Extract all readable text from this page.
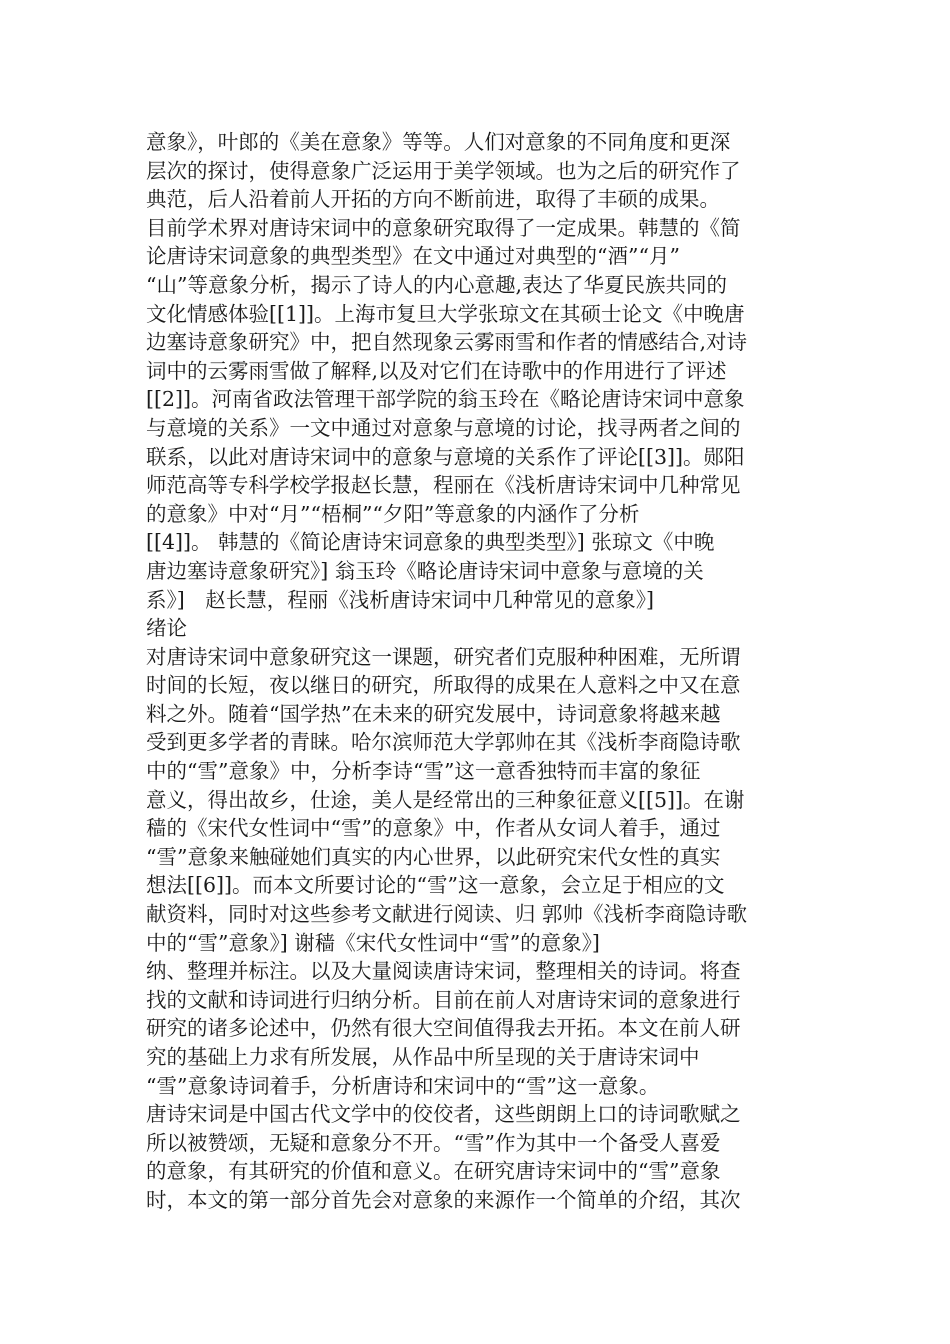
意象》，叶郎的《美在意象》等等。人们对意象的不同角度和更深
层次的探讨，使得意象广泛运用于美学领域。也为之后的研究作了
典范，后人沿着前人开拓的方向不断前进，取得了丰硕的成果。
目前学术界对唐诗宋词中的意象研究取得了一定成果。韩慧的《简
论唐诗宋词意象的典型类型》在文中通过对典型的“酒”“月”
“山”等意象分析，揭示了诗人的内心意趣,表达了华夏民族共同的
文化情感体验[[1]]。上海市复旦大学张琼文在其硕士论文《中晚唐
边塞诗意象研究》中，把自然现象云雾雨雪和作者的情感结合,对诗
词中的云雾雨雪做了解释,以及对它们在诗歌中的作用进行了评述
[[2]]。河南省政法管理干部学院的翁玉玲在《略论唐诗宋词中意象
与意境的关系》一文中通过对意象与意境的讨论，找寻两者之间的
联系，以此对唐诗宋词中的意象与意境的关系作了评论[[3]]。郧阳
师范高等专科学校学报赵长慧，程丽在《浅析唐诗宋词中几种常见
的意象》中对“月”“梧桐”“夕阳”等意象的内涵作了分析
[[4]]。 韩慧的《简论唐诗宋词意象的典型类型》] 张琼文《中晚
唐边塞诗意象研究》] 翁玉玲《略论唐诗宋词中意象与意境的关
系》]　赵长慧，程丽《浅析唐诗宋词中几种常见的意象》]
绪论
对唐诗宋词中意象研究这一课题，研究者们克服种种困难，无所谓
时间的长短，夜以继日的研究，所取得的成果在人意料之中又在意
料之外。随着“国学热”在未来的研究发展中，诗词意象将越来越
受到更多学者的青睐。哈尔滨师范大学郭帅在其《浅析李商隐诗歌
中的“雪”意象》中，分析李诗“雪”这一意香独特而丰富的象征
意义，得出故乡，仕途，美人是经常出的三种象征意义[[5]]。在谢
穑的《宋代女性词中“雪”的意象》中，作者从女词人着手，通过
“雪”意象来触碰她们真实的内心世界，以此研究宋代女性的真实
想法[[6]]。而本文所要讨论的“雪”这一意象，会立足于相应的文
献资料，同时对这些参考文献进行阅读、归 郭帅《浅析李商隐诗歌
中的“雪”意象》] 谢穑《宋代女性词中“雪”的意象》]
纳、整理并标注。以及大量阅读唐诗宋词，整理相关的诗词。将查
找的文献和诗词进行归纳分析。目前在前人对唐诗宋词的意象进行
研究的诸多论述中，仍然有很大空间值得我去开拓。本文在前人研
究的基础上力求有所发展，从作品中所呈现的关于唐诗宋词中
“雪”意象诗词着手，分析唐诗和宋词中的“雪”这一意象。
唐诗宋词是中国古代文学中的佼佼者，这些朗朗上口的诗词歌赋之
所以被赞颂，无疑和意象分不开。“雪”作为其中一个备受人喜爱
的意象，有其研究的价值和意义。在研究唐诗宋词中的“雪”意象
时，本文的第一部分首先会对意象的来源作一个简单的介绍，其次
